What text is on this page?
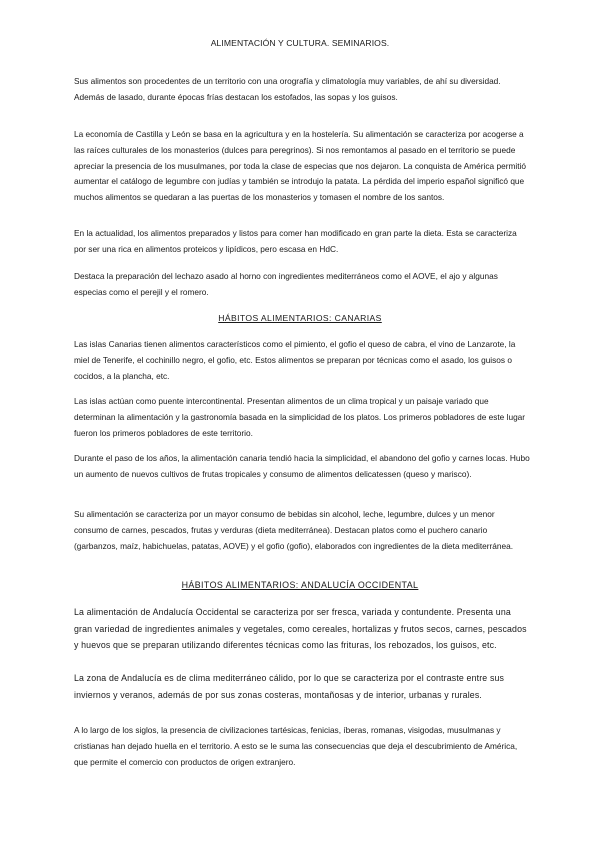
ALIMENTACIÓN Y CULTURA. SEMINARIOS.

Sus alimentos son procedentes de un territorio con una orografía y climatología muy variables, de ahí su diversidad. Además de lasado, durante épocas frías destacan los estofados, las sopas y los guisos.

La economía de Castilla y León se basa en la agricultura y en la hostelería. Su alimentación se caracteriza por acogerse a las raíces culturales de los monasterios (dulces para peregrinos). Si nos remontamos al pasado en el territorio se puede apreciar la presencia de los musulmanes, por toda la clase de especias que nos dejaron. La conquista de América permitió aumentar el catálogo de legumbre con judías y también se introdujo la patata. La pérdida del imperio español significó que muchos alimentos se quedaran a las puertas de los monasterios y tomasen el nombre de los santos.

En la actualidad, los alimentos preparados y listos para comer han modificado en gran parte la dieta. Esta se caracteriza por ser una rica en alimentos proteicos y lipídicos, pero escasa en HdC.

Destaca la preparación del lechazo asado al horno con ingredientes mediterráneos como el AOVE, el ajo y algunas especias como el perejil y el romero.

HÁBITOS ALIMENTARIOS: CANARIAS

Las islas Canarias tienen alimentos característicos como el pimiento, el gofio el queso de cabra, el vino de Lanzarote, la miel de Tenerife, el cochinillo negro, el gofio, etc. Estos alimentos se preparan por técnicas como el asado, los guisos o cocidos, a la plancha, etc.

Las islas actúan como puente intercontinental. Presentan alimentos de un clima tropical y un paisaje variado que determinan la alimentación y la gastronomía basada en la simplicidad de los platos. Los primeros pobladores de este lugar fueron los primeros pobladores de este territorio.

Durante el paso de los años, la alimentación canaria tendió hacia la simplicidad, el abandono del gofio y carnes locas. Hubo un aumento de nuevos cultivos de frutas tropicales y consumo de alimentos delicatessen (queso y marisco).

Su alimentación se caracteriza por un mayor consumo de bebidas sin alcohol, leche, legumbre, dulces y un menor consumo de carnes, pescados, frutas y verduras (dieta mediterránea). Destacan platos como el puchero canario (garbanzos, maíz, habichuelas, patatas, AOVE) y el gofio (gofio), elaborados con ingredientes de la dieta mediterránea.

HÁBITOS ALIMENTARIOS: ANDALUCÍA OCCIDENTAL

La alimentación de Andalucía Occidental se caracteriza por ser fresca, variada y contundente. Presenta una gran variedad de ingredientes animales y vegetales, como cereales, hortalizas y frutos secos, carnes, pescados y huevos que se preparan utilizando diferentes técnicas como las frituras, los rebozados, los guisos, etc.

La zona de Andalucía es de clima mediterráneo cálido, por lo que se caracteriza por el contraste entre sus inviernos y veranos, además de por sus zonas costeras, montañosas y de interior, urbanas y rurales.

A lo largo de los siglos, la presencia de civilizaciones tartésicas, fenicias, íberas, romanas, visigodas, musulmanas y cristianas han dejado huella en el territorio. A esto se le suma las consecuencias que deja el descubrimiento de América, que permite el comercio con productos de origen extranjero.
